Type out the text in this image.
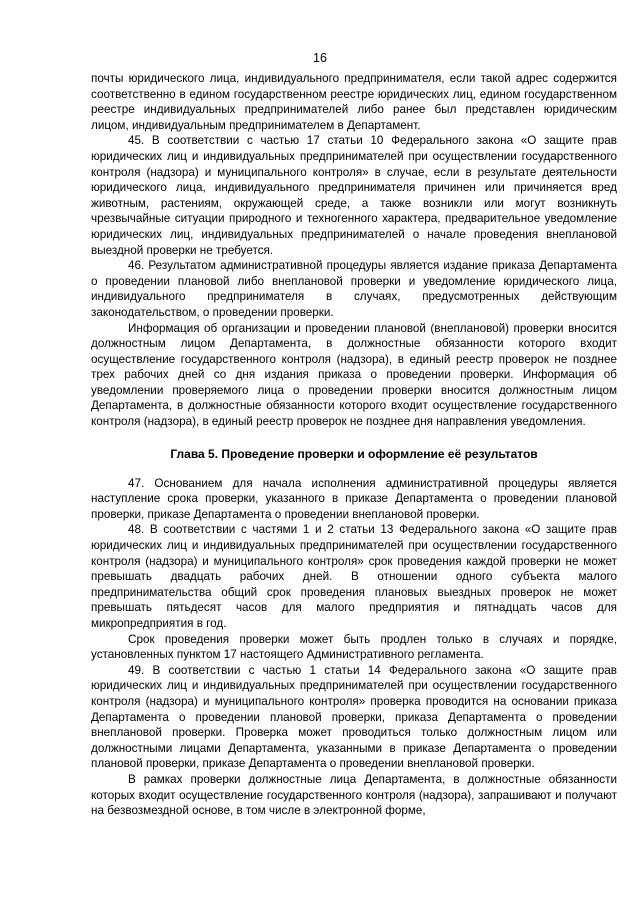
16

почты юридического лица, индивидуального предпринимателя, если такой адрес содержится соответственно в едином государственном реестре юридических лиц, едином государственном реестре индивидуальных предпринимателей либо ранее был представлен юридическим лицом, индивидуальным предпринимателем в Департамент.

45. В соответствии с частью 17 статьи 10 Федерального закона «О защите прав юридических лиц и индивидуальных предпринимателей при осуществлении государственного контроля (надзора) и муниципального контроля» в случае, если в результате деятельности юридического лица, индивидуального предпринимателя причинен или причиняется вред животным, растениям, окружающей среде, а также возникли или могут возникнуть чрезвычайные ситуации природного и техногенного характера, предварительное уведомление юридических лиц, индивидуальных предпринимателей о начале проведения внеплановой выездной проверки не требуется.

46. Результатом административной процедуры является издание приказа Департамента о проведении плановой либо внеплановой проверки и уведомление юридического лица, индивидуального предпринимателя в случаях, предусмотренных действующим законодательством, о проведении проверки.

Информация об организации и проведении плановой (внеплановой) проверки вносится должностным лицом Департамента, в должностные обязанности которого входит осуществление государственного контроля (надзора), в единый реестр проверок не позднее трех рабочих дней со дня издания приказа о проведении проверки. Информация об уведомлении проверяемого лица о проведении проверки вносится должностным лицом Департамента, в должностные обязанности которого входит осуществление государственного контроля (надзора), в единый реестр проверок не позднее дня направления уведомления.

Глава 5. Проведение проверки и оформление её результатов

47. Основанием для начала исполнения административной процедуры является наступление срока проверки, указанного в приказе Департамента о проведении плановой проверки, приказе Департамента о проведении внеплановой проверки.

48. В соответствии с частями 1 и 2 статьи 13 Федерального закона «О защите прав юридических лиц и индивидуальных предпринимателей при осуществлении государственного контроля (надзора) и муниципального контроля» срок проведения каждой проверки не может превышать двадцать рабочих дней. В отношении одного субъекта малого предпринимательства общий срок проведения плановых выездных проверок не может превышать пятьдесят часов для малого предприятия и пятнадцать часов для микропредприятия в год.

Срок проведения проверки может быть продлен только в случаях и порядке, установленных пунктом 17 настоящего Административного регламента.

49. В соответствии с частью 1 статьи 14 Федерального закона «О защите прав юридических лиц и индивидуальных предпринимателей при осуществлении государственного контроля (надзора) и муниципального контроля» проверка проводится на основании приказа Департамента о проведении плановой проверки, приказа Департамента о проведении внеплановой проверки. Проверка может проводиться только должностным лицом или должностными лицами Департамента, указанными в приказе Департамента о проведении плановой проверки, приказе Департамента о проведении внеплановой проверки.

В рамках проверки должностные лица Департамента, в должностные обязанности которых входит осуществление государственного контроля (надзора), запрашивают и получают на безвозмездной основе, в том числе в электронной форме,
